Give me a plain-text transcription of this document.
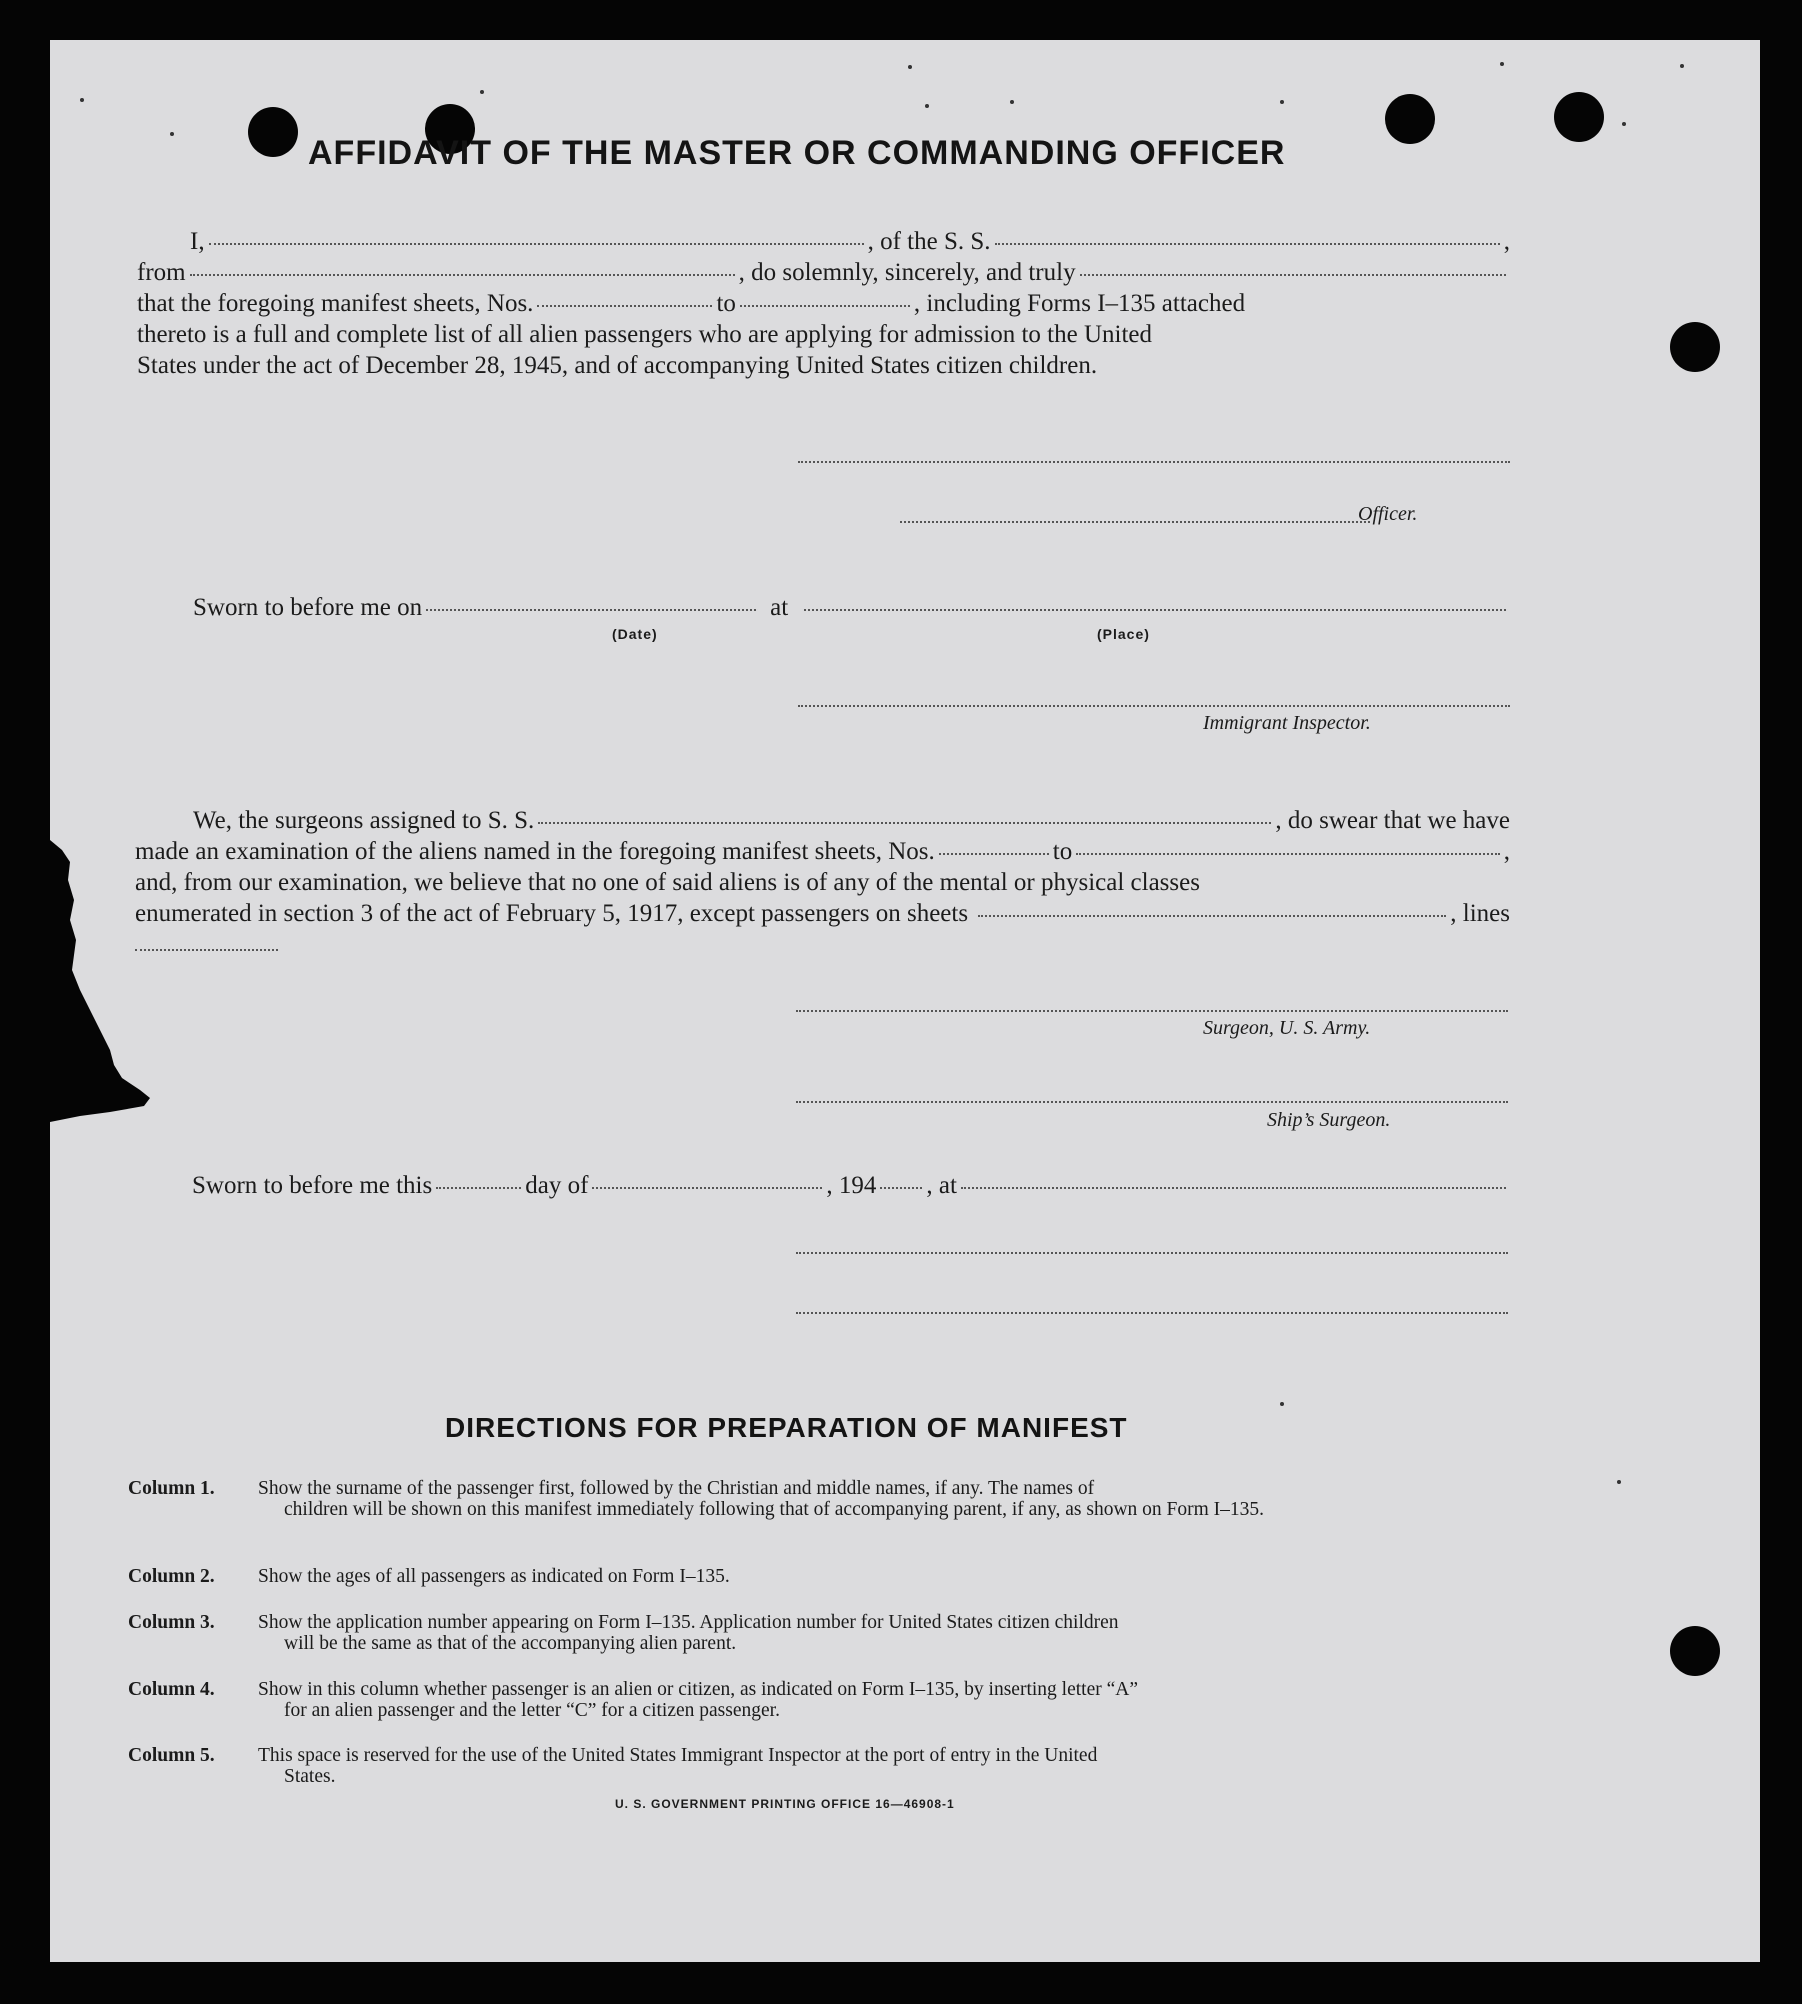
AFFIDAVIT OF THE MASTER OR COMMANDING OFFICER
I,	, of the S. S.	,
from	, do solemnly, sincerely, and truly
that the foregoing manifest sheets, Nos.	to	, including Forms I–135 attached
thereto is a full and complete list of all alien passengers who are applying for admission to the United
States under the act of December 28, 1945, and of accompanying United States citizen children.
Officer.
Sworn to before me on	at
(Date)	(Place)
Immigrant Inspector.
We, the surgeons assigned to S. S.	, do swear that we have
made an examination of the aliens named in the foregoing manifest sheets, Nos.	to	,
and, from our examination, we believe that no one of said aliens is of any of the mental or physical classes
enumerated in section 3 of the act of February 5, 1917, except passengers on sheets	, lines
Surgeon, U. S. Army.
Ship’s Surgeon.
Sworn to before me this	day of	, 194 , at
DIRECTIONS FOR PREPARATION OF MANIFEST
Column 1.	Show the surname of the passenger first, followed by the Christian and middle names, if any. The names of
children will be shown on this manifest immediately following that of accompanying parent, if any, as shown on Form I–135.
Column 2.	Show the ages of all passengers as indicated on Form I–135.
Column 3.	Show the application number appearing on Form I–135. Application number for United States citizen children
will be the same as that of the accompanying alien parent.
Column 4.	Show in this column whether passenger is an alien or citizen, as indicated on Form I–135, by inserting letter “A”
for an alien passenger and the letter “C” for a citizen passenger.
Column 5.	This space is reserved for the use of the United States Immigrant Inspector at the port of entry in the United
States.
U. S. GOVERNMENT PRINTING OFFICE 16—46908-1
